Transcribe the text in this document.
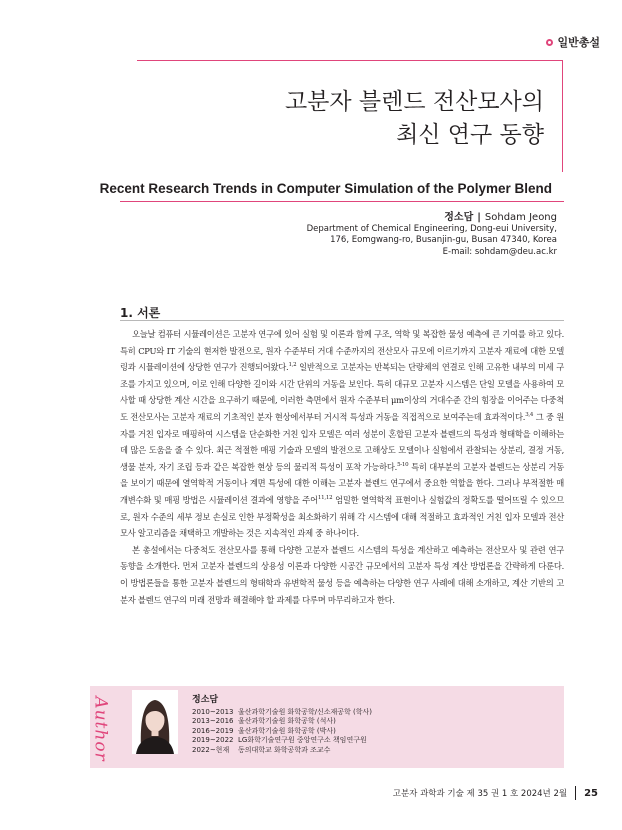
일반총설
고분자 블렌드 전산모사의
최신 연구 동향
Recent Research Trends in Computer Simulation of the Polymer Blend
정소담 | Sohdam Jeong
Department of Chemical Engineering, Dong-eui University,
176, Eomgwang-ro, Busanjin-gu, Busan 47340, Korea
E-mail: sohdam@deu.ac.kr
1. 서론

오늘날 컴퓨터 시뮬레이션은 고분자 연구에 있어 실험 및 이론과 함께 구조, 역학 및 복잡한 물성 예측에 큰 기여를 하고 있다. 특히 CPU와 IT 기술의 현저한 발전으로, 원자 수준부터 거대 수준까지의 전산모사 규모에 이르기까지 고분자 재료에 대한 모델링과 시뮬레이션에 상당한 연구가 진행되어왔다.$^{1,2}$ 일반적으로 고분자는 반복되는 단량체의 연결로 인해 고유한 내부의 미세 구조를 가지고 있으며, 이로 인해 다양한 길이와 시간 단위의 거동을 보인다. 특히 대규모 고분자 시스템은 단일 모델을 사용하여 모사할 때 상당한 계산 시간을 요구하기 때문에, 이러한 측면에서 원자 수준부터 μm이상의 거대수준 간의 힘장을 이어주는 다중척도 전산모사는 고분자 재료의 기초적인 분자 현상에서부터 거시적 특성과 거동을 직접적으로 보여주는데 효과적이다.$^{3,4}$ 그 중 원자를 거친 입자로 매핑하여 시스템을 단순화한 거친 입자 모델은 여러 성분이 혼합된 고분자 블렌드의 특성과 형태학을 이해하는데 많은 도움을 줄 수 있다. 최근 적절한 매핑 기술과 모델의 발전으로 고해상도 모델이나 실험에서 관찰되는 상분리, 결정 거동, 생물 분자, 자기 조립 등과 같은 복잡한 현상 등의 물리적 특성이 포착 가능하다.$^{5-10}$ 특히 대부분의 고분자 블렌드는 상분리 거동을 보이기 때문에 열역학적 거동이나 계면 특성에 대한 이해는 고분자 블렌드 연구에서 중요한 역할을 한다. 그러나 부적절한 매개변수화 및 매핑 방법은 시뮬레이션 결과에 영향을 주어$^{11,12}$ 엄밀한 열역학적 표현이나 실험값의 정확도를 떨어뜨릴 수 있으므로, 원자 수준의 세부 정보 손실로 인한 부정확성을 최소화하기 위해 각 시스템에 대해 적절하고 효과적인 거친 입자 모델과 전산모사 알고리즘을 채택하고 개발하는 것은 지속적인 과제 중 하나이다.

본 총설에서는 다중척도 전산모사를 통해 다양한 고분자 블렌드 시스템의 특성을 계산하고 예측하는 전산모사 및 관련 연구 동향을 소개한다. 먼저 고분자 블렌드의 상용성 이론과 다양한 시공간 규모에서의 고분자 특성 계산 방법론을 간략하게 다룬다. 이 방법론들을 통한 고분자 블렌드의 형태학과 유변학적 물성 등을 예측하는 다양한 연구 사례에 대해 소개하고, 계산 기반의 고분자 블렌드 연구의 미래 전망과 해결해야 할 과제를 다루며 마무리하고자 한다.

Author	정소담
2010~2013 울산과학기술원 화학공학/신소재공학 (학사)
2013~2016 울산과학기술원 화학공학 (석사)
2016~2019 울산과학기술원 화학공학 (박사)
2019~2022 LG화학기술연구원 중앙연구소 책임연구원
2022~현재	동의대학교 화학공학과 조교수
고분자 과학과 기술 제 35 권 1 호 2024년 2월 25
